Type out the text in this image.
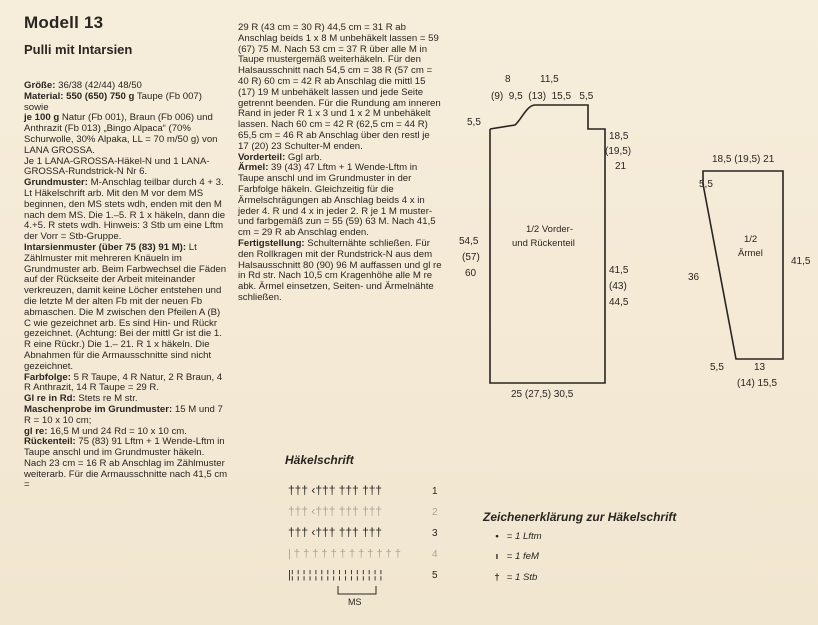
Modell 13
Pulli mit Intarsien

Größe: 36/38 (42/44) 48/50

Material: 550 (650) 750 g Taupe (Fb 007) sowie

je 100 g Natur (Fb 001), Braun (Fb 006) und Anthrazit (Fb 013) „Bingo Alpaca“ (70% Schurwolle, 30% Alpaka, LL = 70 m/50 g) von LANA GROSSA.

Je 1 LANA-GROSSA-Häkel-N und 1 LANA-GROSSA-Rundstrick-N Nr 6.

Grundmuster: M-Anschlag teilbar durch 4 + 3. Lt Häkelschrift arb. Mit den M vor dem MS beginnen, den MS stets wdh, enden mit den M nach dem MS. Die 1.–5. R 1 x häkeln, dann die 4.+5. R stets wdh. Hinweis: 3 Stb um eine Lftm der Vorr = Stb-Gruppe.

Intarsienmuster (über 75 (83) 91 M): Lt Zählmuster mit mehreren Knäueln im Grundmuster arb. Beim Farbwechsel die Fäden auf der Rückseite der Arbeit miteinander verkreuzen, damit keine Löcher entstehen und die letzte M der alten Fb mit der neuen Fb abmaschen. Die M zwischen den Pfeilen A (B) C wie gezeichnet arb. Es sind Hin- und Rückr gezeichnet. (Achtung: Bei der mittl Gr ist die 1. R eine Rückr.) Die 1.– 21. R 1 x häkeln. Die Abnahmen für die Armausschnitte sind nicht gezeichnet.

Farbfolge: 5 R Taupe, 4 R Natur, 2 R Braun, 4 R Anthrazit, 14 R Taupe = 29 R.

Gl re in Rd: Stets re M str.

Maschenprobe im Grundmuster: 15 M und 7 R = 10 x 10 cm;

gl re: 16,5 M und 24 Rd = 10 x 10 cm.

Rückenteil: 75 (83) 91 Lftm + 1 Wende-Lftm in Taupe anschl und im Grundmuster häkeln. Nach 23 cm = 16 R ab Anschlag im Zählmuster weiterarb. Für die Armausschnitte nach 41,5 cm =

29 R (43 cm = 30 R) 44,5 cm = 31 R ab Anschlag beids 1 x 8 M unbehäkelt lassen = 59 (67) 75 M. Nach 53 cm = 37 R über alle M in Taupe mustergemäß weiterhäkeln. Für den Halsausschnitt nach 54,5 cm = 38 R (57 cm = 40 R) 60 cm = 42 R ab Anschlag die mittl 15 (17) 19 M unbehäkelt lassen und jede Seite getrennt beenden. Für die Rundung am inneren Rand in jeder R 1 x 3 und 1 x 2 M unbehäkelt lassen. Nach 60 cm = 42 R (62,5 cm = 44 R) 65,5 cm = 46 R ab Anschlag über den restl je 17 (20) 23 Schulter-M enden.

Vorderteil: Ggl arb.

Ärmel: 39 (43) 47 Lftm + 1 Wende-Lftm in Taupe anschl und im Grundmuster in der Farbfolge häkeln. Gleichzeitig für die Ärmelschrägungen ab Anschlag beids 4 x in jeder 4. R und 4 x in jeder 2. R je 1 M muster- und farbgemäß zun = 55 (59) 63 M. Nach 41,5 cm = 29 R ab Anschlag enden.

Fertigstellung: Schulternähte schließen. Für den Rollkragen mit der Rundstrick-N aus dem Halsausschnitt 80 (90) 96 M auffassen und gl re in Rd str. Nach 10,5 cm Kragenhöhe alle M re abk. Ärmel einsetzen, Seiten- und Ärmelnähte schließen.

8	11,5
(9)  9,5  (13)  15,5   5,5
5,5
18,5
(19,5)
21
1/2 Vorder-
und Rückenteil
54,5
(57)
60	41,5
(43)
44,5
25 (27,5) 30,5
18,5 (19,5) 21
5,5
1/2
Ärmel
36
41,5
5,5	13
(14) 15,5
Häkelschrift
††† ‹††† ††† †††	1
††† ‹††† ††† †††	2
††† ‹††† ††† †††	3
| † † † † † † † † † † † †	4
|¦ ¦ ¦ ¦ ¦ ¦ ¦ ¦ ¦ ¦ ¦ ¦ ¦ ¦ ¦ ¦	5
MS
Zeichenerklärung zur Häkelschrift
• = 1 Lftm
ı = 1 feM
† = 1 Stb
